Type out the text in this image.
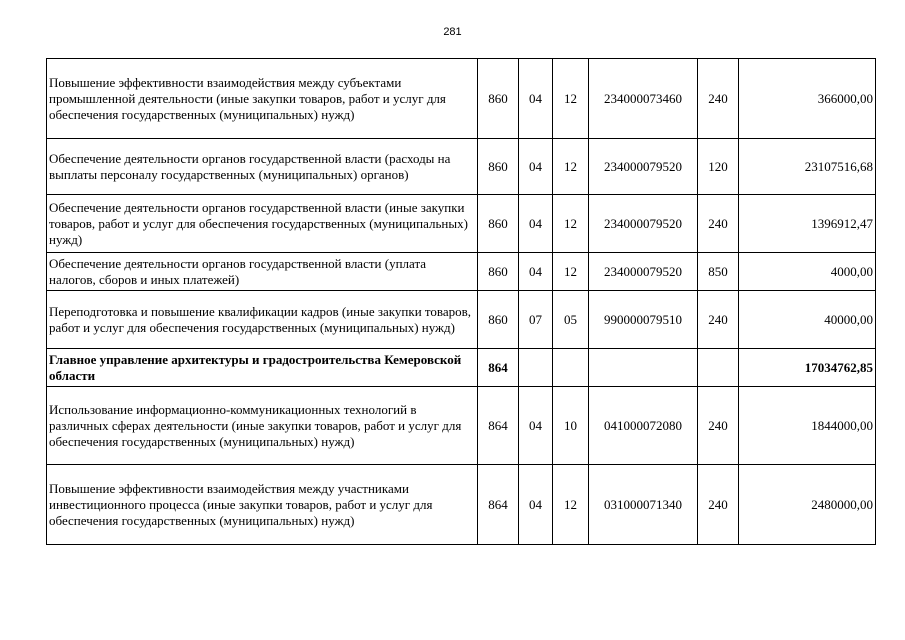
281
Повышение эффективности взаимодействия между субъектами промышленной деятельности (иные закупки товаров, работ и услуг для обеспечения государственных (муниципальных) нужд)	860	04	12	234000073460	240	366000,00
Обеспечение деятельности органов государственной власти (расходы на выплаты персоналу государственных (муниципальных) органов)	860	04	12	234000079520	120	23107516,68
Обеспечение деятельности органов государственной власти (иные закупки товаров, работ и услуг для обеспечения государственных (муниципальных) нужд)	860	04	12	234000079520	240	1396912,47
Обеспечение деятельности органов государственной власти (уплата налогов, сборов и иных платежей)	860	04	12	234000079520	850	4000,00
Переподготовка и повышение квалификации кадров (иные закупки товаров, работ и услуг для обеспечения государственных (муниципальных) нужд)	860	07	05	990000079510	240	40000,00
Главное управление архитектуры и градостроительства Кемеровской области	864					17034762,85
Использование информационно-коммуникационных технологий в различных сферах деятельности (иные закупки товаров, работ и услуг для обеспечения государственных (муниципальных) нужд)	864	04	10	041000072080	240	1844000,00
Повышение эффективности взаимодействия между участниками инвестиционного процесса (иные закупки товаров, работ и услуг для обеспечения государственных (муниципальных) нужд)	864	04	12	031000071340	240	2480000,00
